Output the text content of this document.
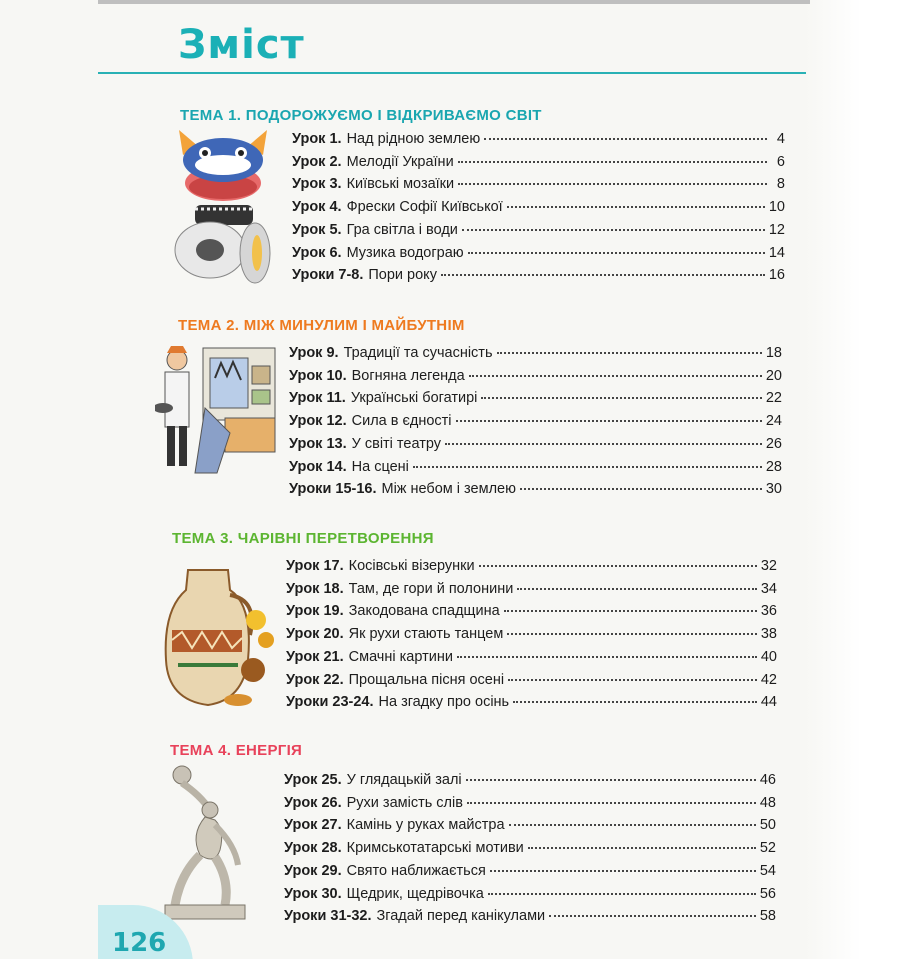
Зміст
ТЕМА 1. ПОДОРОЖУЄМО І ВІДКРИВАЄМО СВІТ
Урок 1. Над рідною землею	4
Урок 2. Мелодії України	6
Урок 3. Київські мозаїки	8
Урок 4. Фрески Софії Київської	10
Урок 5. Гра світла і води	12
Урок 6. Музика водограю	14
Уроки 7-8. Пори року	16
ТЕМА 2. МІЖ МИНУЛИМ І МАЙБУТНІМ
Урок 9. Традиції та сучасність	18
Урок 10. Вогняна легенда	20
Урок 11. Українські богатирі	22
Урок 12. Сила в єдності	24
Урок 13. У світі театру	26
Урок 14. На сцені	28
Уроки 15-16. Між небом і землею	30
ТЕМА 3. ЧАРІВНІ ПЕРЕТВОРЕННЯ
Урок 17. Косівські візерунки	32
Урок 18. Там, де гори й полонини	34
Урок 19. Закодована спадщина	36
Урок 20. Як рухи стають танцем	38
Урок 21. Смачні картини	40
Урок 22. Прощальна пісня осені	42
Уроки 23-24. На згадку про осінь	44
ТЕМА 4. ЕНЕРГІЯ
Урок 25. У глядацькій залі	46
Урок 26. Рухи замість слів	48
Урок 27. Камінь у руках майстра	50
Урок 28. Кримськотатарські мотиви	52
Урок 29. Свято наближається	54
Урок 30. Щедрик, щедрівочка	56
Уроки 31-32. Згадай перед канікулами	58
126
